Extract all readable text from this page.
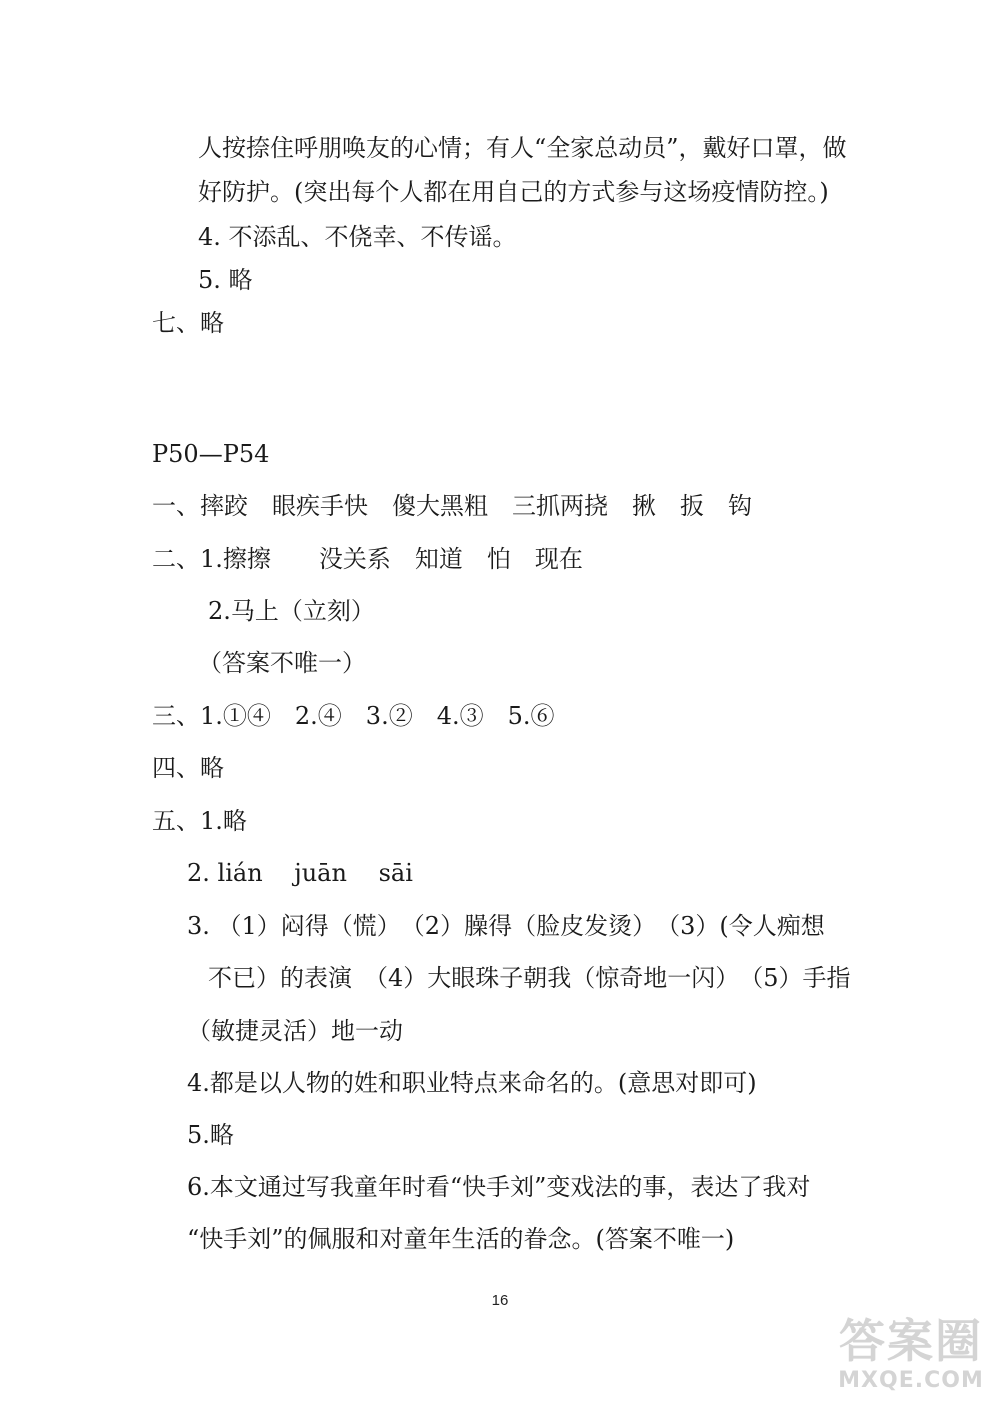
人按捺住呼朋唤友的心情；有人“全家总动员”，戴好口罩，做
好防护。(突出每个人都在用自己的方式参与这场疫情防控。)
4. 不添乱、不侥幸、不传谣。
5. 略
七、略
P50—P54
一、摔跤　眼疾手快　傻大黑粗　三抓两挠　揪　扳　钩
二、1.擦擦　　没关系　知道　怕　现在
2.马上（立刻）
（答案不唯一）
三、1.①④　2.④　3.②　4.③　5.⑥
四、略
五、1.略
2. lián　 juān　 sāi
3. （1）闷得（慌）　（2）臊得（脸皮发烫）　（3）(令人痴想
不已）的表演　（4）大眼珠子朝我（惊奇地一闪）　（5）手指
（敏捷灵活）地一动
4.都是以人物的姓和职业特点来命名的。(意思对即可)
5.略
6.本文通过写我童年时看“快手刘”变戏法的事，表达了我对
“快手刘”的佩服和对童年生活的眷念。(答案不唯一)
16
答案圈
MXQE.COM
